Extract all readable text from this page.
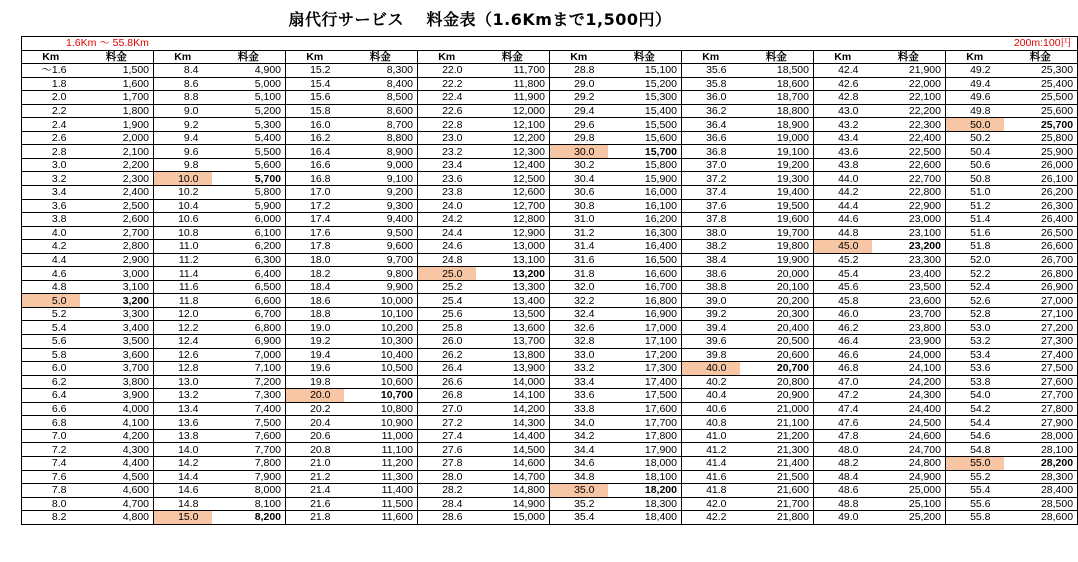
扇代行サービス　 料金表（1.6Kmまで1,500円）
1.6Km 〜 55.8Km 200m:100円															

Km	料金	Km	料金	Km	料金	Km	料金	Km	料金	Km	料金	Km	料金	Km	料金
〜1.6	1,500	8.4	4,900	15.2	8,300	22.0	11,700	28.8	15,100	35.6	18,500	42.4	21,900	49.2	25,300
1.8	1,600	8.6	5,000	15.4	8,400	22.2	11,800	29.0	15,200	35.8	18,600	42.6	22,000	49.4	25,400
2.0	1,700	8.8	5,100	15.6	8,500	22.4	11,900	29.2	15,300	36.0	18,700	42.8	22,100	49.6	25,500
2.2	1,800	9.0	5,200	15.8	8,600	22.6	12,000	29.4	15,400	36.2	18,800	43.0	22,200	49.8	25,600
2.4	1,900	9.2	5,300	16.0	8,700	22.8	12,100	29.6	15,500	36.4	18,900	43.2	22,300	50.0	25,700
2.6	2,000	9.4	5,400	16.2	8,800	23.0	12,200	29.8	15,600	36.6	19,000	43.4	22,400	50.2	25,800
2.8	2,100	9.6	5,500	16.4	8,900	23.2	12,300	30.0	15,700	36.8	19,100	43.6	22,500	50.4	25,900
3.0	2,200	9.8	5,600	16.6	9,000	23.4	12,400	30.2	15,800	37.0	19,200	43.8	22,600	50.6	26,000
3.2	2,300	10.0	5,700	16.8	9,100	23.6	12,500	30.4	15,900	37.2	19,300	44.0	22,700	50.8	26,100
3.4	2,400	10.2	5,800	17.0	9,200	23.8	12,600	30.6	16,000	37.4	19,400	44.2	22,800	51.0	26,200
3.6	2,500	10.4	5,900	17.2	9,300	24.0	12,700	30.8	16,100	37.6	19,500	44.4	22,900	51.2	26,300
3.8	2,600	10.6	6,000	17.4	9,400	24.2	12,800	31.0	16,200	37.8	19,600	44.6	23,000	51.4	26,400
4.0	2,700	10.8	6,100	17.6	9,500	24.4	12,900	31.2	16,300	38.0	19,700	44.8	23,100	51.6	26,500
4.2	2,800	11.0	6,200	17.8	9,600	24.6	13,000	31.4	16,400	38.2	19,800	45.0	23,200	51.8	26,600
4.4	2,900	11.2	6,300	18.0	9,700	24.8	13,100	31.6	16,500	38.4	19,900	45.2	23,300	52.0	26,700
4.6	3,000	11.4	6,400	18.2	9,800	25.0	13,200	31.8	16,600	38.6	20,000	45.4	23,400	52.2	26,800
4.8	3,100	11.6	6,500	18.4	9,900	25.2	13,300	32.0	16,700	38.8	20,100	45.6	23,500	52.4	26,900
5.0	3,200	11.8	6,600	18.6	10,000	25.4	13,400	32.2	16,800	39.0	20,200	45.8	23,600	52.6	27,000
5.2	3,300	12.0	6,700	18.8	10,100	25.6	13,500	32.4	16,900	39.2	20,300	46.0	23,700	52.8	27,100
5.4	3,400	12.2	6,800	19.0	10,200	25.8	13,600	32.6	17,000	39.4	20,400	46.2	23,800	53.0	27,200
5.6	3,500	12.4	6,900	19.2	10,300	26.0	13,700	32.8	17,100	39.6	20,500	46.4	23,900	53.2	27,300
5.8	3,600	12.6	7,000	19.4	10,400	26.2	13,800	33.0	17,200	39.8	20,600	46.6	24,000	53.4	27,400
6.0	3,700	12.8	7,100	19.6	10,500	26.4	13,900	33.2	17,300	40.0	20,700	46.8	24,100	53.6	27,500
6.2	3,800	13.0	7,200	19.8	10,600	26.6	14,000	33.4	17,400	40.2	20,800	47.0	24,200	53.8	27,600
6.4	3,900	13.2	7,300	20.0	10,700	26.8	14,100	33.6	17,500	40.4	20,900	47.2	24,300	54.0	27,700
6.6	4,000	13.4	7,400	20.2	10,800	27.0	14,200	33.8	17,600	40.6	21,000	47.4	24,400	54.2	27,800
6.8	4,100	13.6	7,500	20.4	10,900	27.2	14,300	34.0	17,700	40.8	21,100	47.6	24,500	54.4	27,900
7.0	4,200	13.8	7,600	20.6	11,000	27.4	14,400	34.2	17,800	41.0	21,200	47.8	24,600	54.6	28,000
7.2	4,300	14.0	7,700	20.8	11,100	27.6	14,500	34.4	17,900	41.2	21,300	48.0	24,700	54.8	28,100
7.4	4,400	14.2	7,800	21.0	11,200	27.8	14,600	34.6	18,000	41.4	21,400	48.2	24,800	55.0	28,200
7.6	4,500	14.4	7,900	21.2	11,300	28.0	14,700	34.8	18,100	41.6	21,500	48.4	24,900	55.2	28,300
7.8	4,600	14.6	8,000	21.4	11,400	28.2	14,800	35.0	18,200	41.8	21,600	48.6	25,000	55.4	28,400
8.0	4,700	14.8	8,100	21.6	11,500	28.4	14,900	35.2	18,300	42.0	21,700	48.8	25,100	55.6	28,500
8.2	4,800	15.0	8,200	21.8	11,600	28.6	15,000	35.4	18,400	42.2	21,800	49.0	25,200	55.8	28,600
